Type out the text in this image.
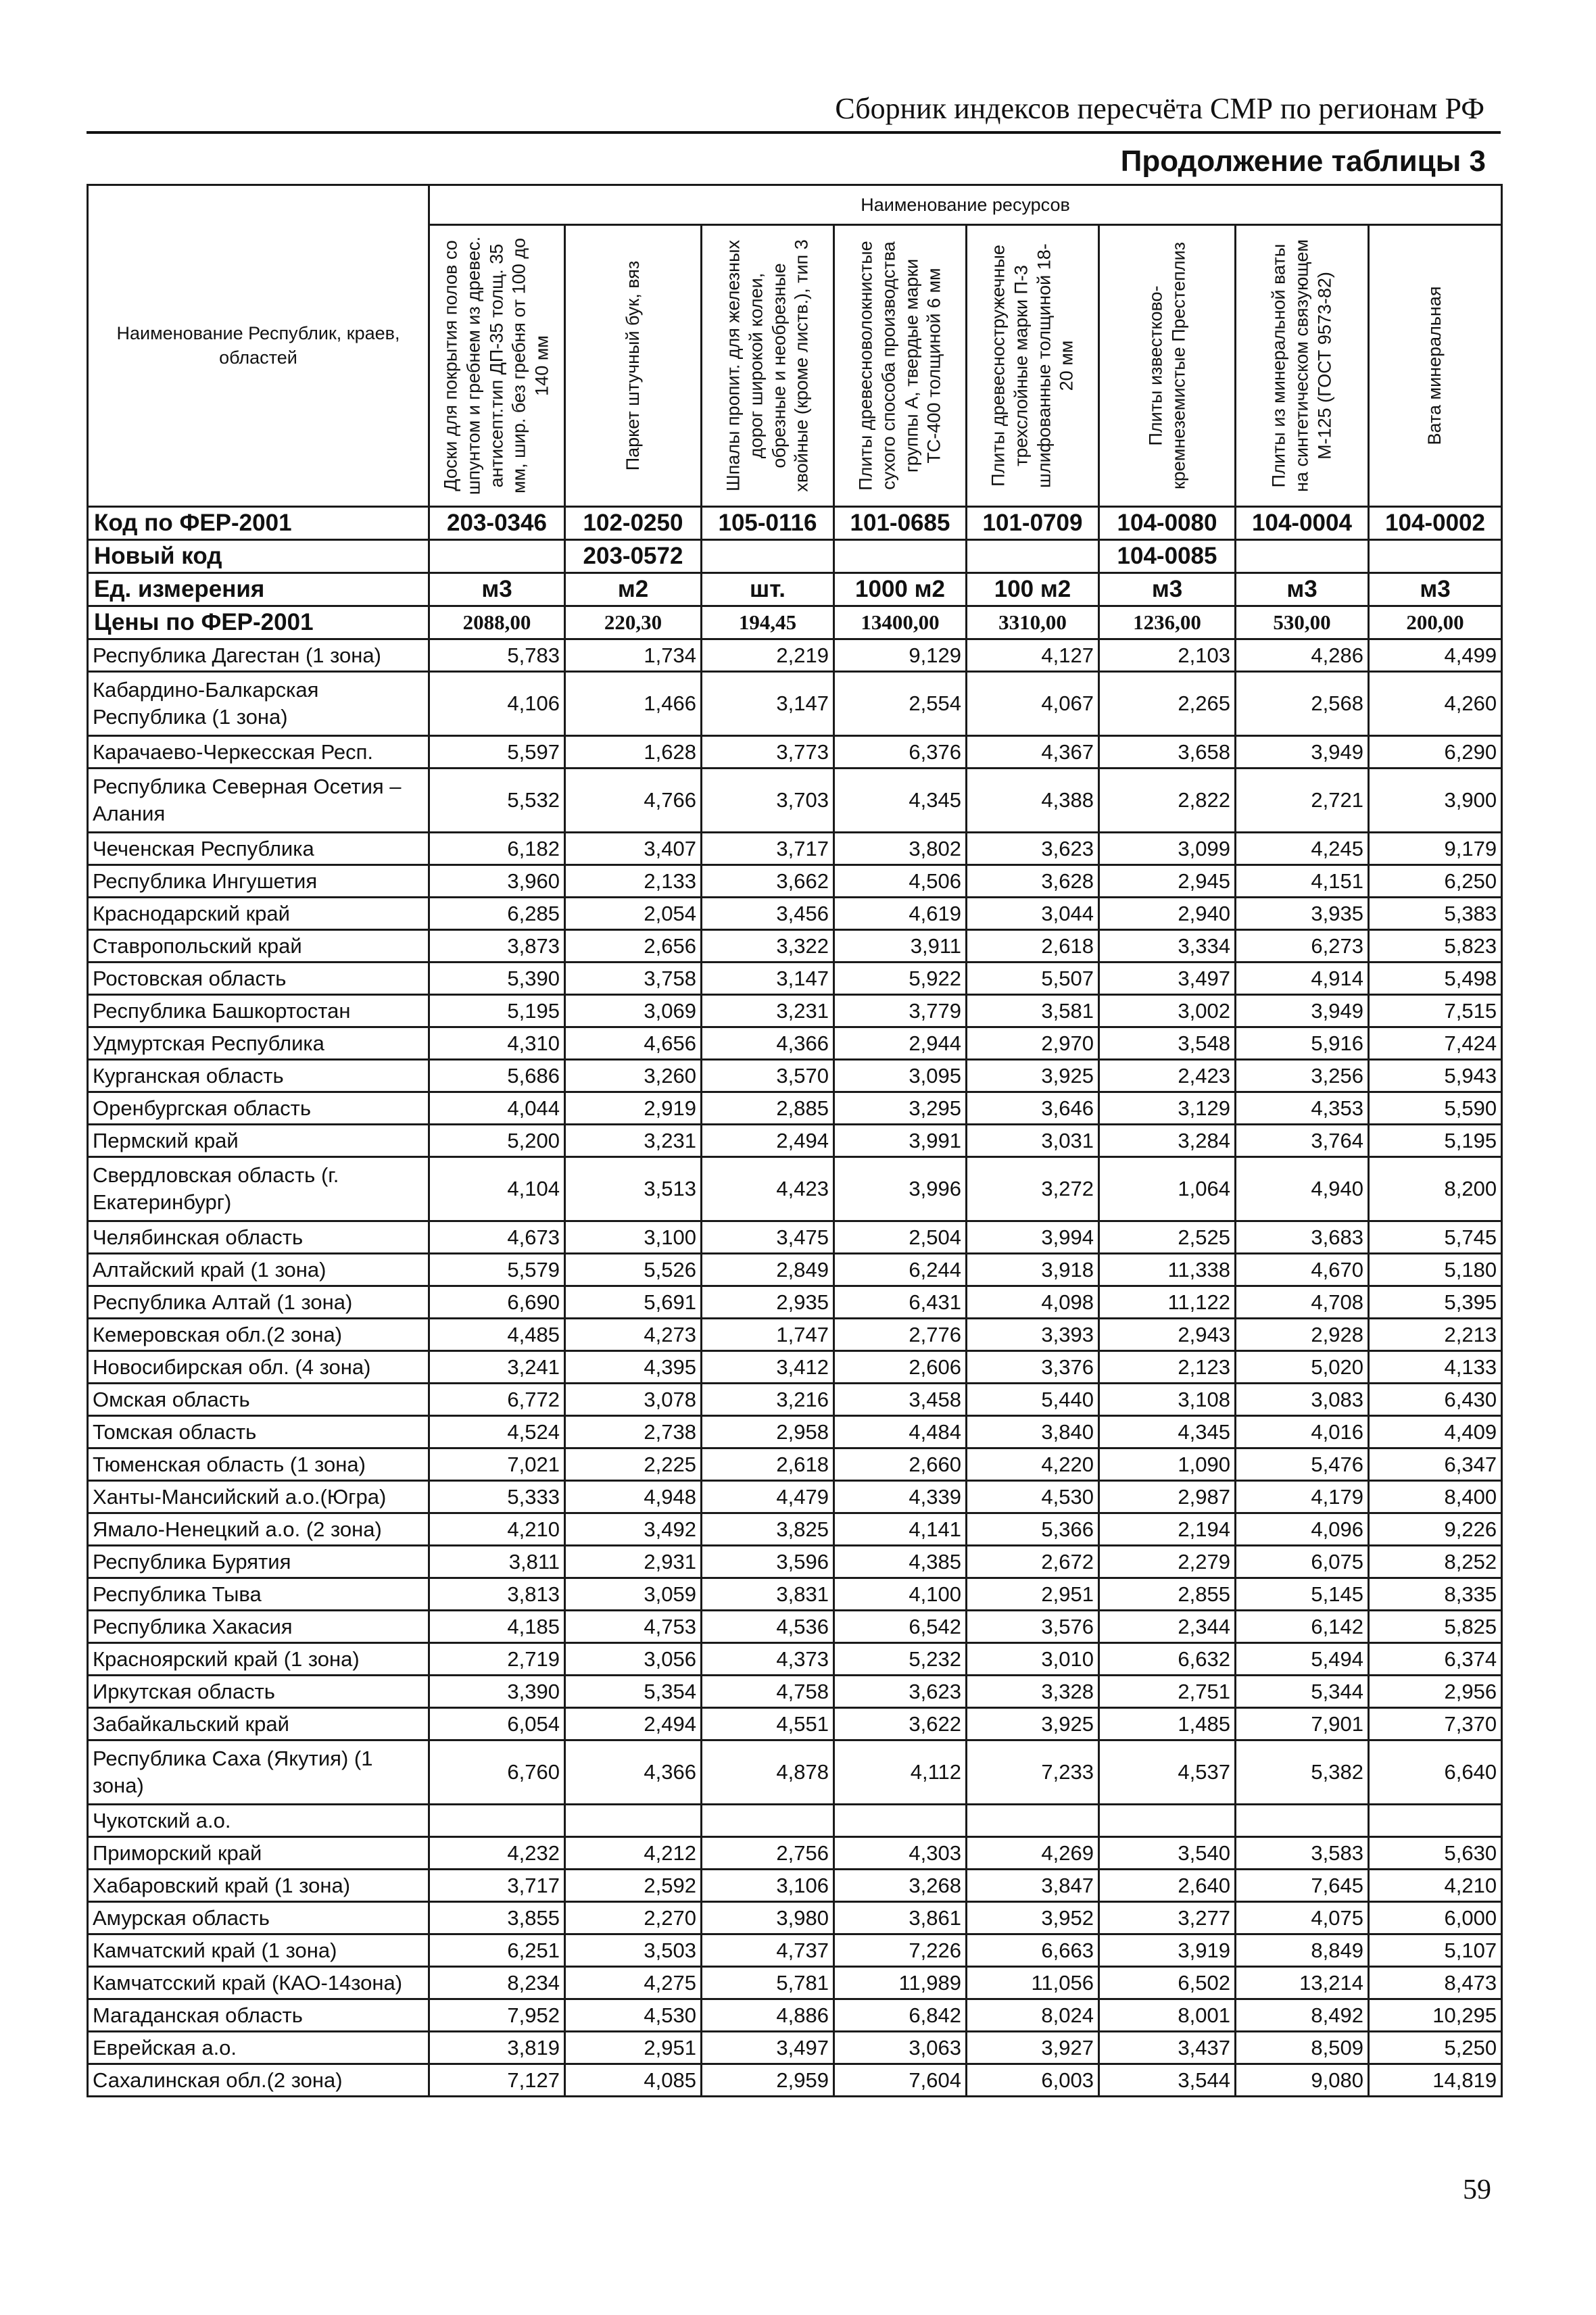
Сборник индексов пересчёта СМР по регионам РФ
Продолжение таблицы 3
Наименование Республик, краев, областей	Наименование ресурсов							

	Доски для покрытия полов со шпунтом и гребнем из древес. антисепт.тип ДП-35 толщ. 35 мм, шир. без гребня от 100 до 140 мм	Паркет штучный бук, вяз	Шпалы пропит. для железных дорог широкой колеи, обрезные и необрезные хвойные (кроме листв.), тип 3	Плиты древесноволокнистые сухого способа производства группы А, твердые марки ТС-400 толщиной 6 мм	Плиты древесностружечные трехслойные марки П-3 шлифованные толщиной 18-20 мм	Плиты известково-кремнеземистые Престеплиз	Плиты из минеральной ваты на синтетическом связующем М-125 (ГОСТ 9573-82)	Вата минеральная

Код по ФЕР-2001	203-0346	102-0250	105-0116	101-0685	101-0709	104-0080	104-0004	104-0002
Новый код		203-0572				104-0085		
Ед. измерения	м3	м2	шт.	1000 м2	100 м2	м3	м3	м3
Цены по ФЕР-2001	2088,00	220,30	194,45	13400,00	3310,00	1236,00	530,00	200,00
Республика Дагестан (1 зона)	5,783	1,734	2,219	9,129	4,127	2,103	4,286	4,499
Кабардино-Балкарская Республика (1 зона)	4,106	1,466	3,147	2,554	4,067	2,265	2,568	4,260
Карачаево-Черкесская Респ.	5,597	1,628	3,773	6,376	4,367	3,658	3,949	6,290
Республика Северная Осетия – Алания	5,532	4,766	3,703	4,345	4,388	2,822	2,721	3,900
Чеченская Республика	6,182	3,407	3,717	3,802	3,623	3,099	4,245	9,179
Республика Ингушетия	3,960	2,133	3,662	4,506	3,628	2,945	4,151	6,250
Краснодарский край	6,285	2,054	3,456	4,619	3,044	2,940	3,935	5,383
Ставропольский край	3,873	2,656	3,322	3,911	2,618	3,334	6,273	5,823
Ростовская область	5,390	3,758	3,147	5,922	5,507	3,497	4,914	5,498
Республика Башкортостан	5,195	3,069	3,231	3,779	3,581	3,002	3,949	7,515
Удмуртская Республика	4,310	4,656	4,366	2,944	2,970	3,548	5,916	7,424
Курганская область	5,686	3,260	3,570	3,095	3,925	2,423	3,256	5,943
Оренбургская область	4,044	2,919	2,885	3,295	3,646	3,129	4,353	5,590
Пермский край	5,200	3,231	2,494	3,991	3,031	3,284	3,764	5,195
Свердловская область (г. Екатеринбург)	4,104	3,513	4,423	3,996	3,272	1,064	4,940	8,200
Челябинская область	4,673	3,100	3,475	2,504	3,994	2,525	3,683	5,745
Алтайский край (1 зона)	5,579	5,526	2,849	6,244	3,918	11,338	4,670	5,180
Республика Алтай (1 зона)	6,690	5,691	2,935	6,431	4,098	11,122	4,708	5,395
Кемеровская обл.(2 зона)	4,485	4,273	1,747	2,776	3,393	2,943	2,928	2,213
Новосибирская обл. (4 зона)	3,241	4,395	3,412	2,606	3,376	2,123	5,020	4,133
Омская область	6,772	3,078	3,216	3,458	5,440	3,108	3,083	6,430
Томская область	4,524	2,738	2,958	4,484	3,840	4,345	4,016	4,409
Тюменская область (1 зона)	7,021	2,225	2,618	2,660	4,220	1,090	5,476	6,347
Ханты-Мансийский а.о.(Югра)	5,333	4,948	4,479	4,339	4,530	2,987	4,179	8,400
Ямало-Ненецкий а.о. (2 зона)	4,210	3,492	3,825	4,141	5,366	2,194	4,096	9,226
Республика Бурятия	3,811	2,931	3,596	4,385	2,672	2,279	6,075	8,252
Республика Тыва	3,813	3,059	3,831	4,100	2,951	2,855	5,145	8,335
Республика Хакасия	4,185	4,753	4,536	6,542	3,576	2,344	6,142	5,825
Красноярский край (1 зона)	2,719	3,056	4,373	5,232	3,010	6,632	5,494	6,374
Иркутская область	3,390	5,354	4,758	3,623	3,328	2,751	5,344	2,956
Забайкальский край	6,054	2,494	4,551	3,622	3,925	1,485	7,901	7,370
Республика Саха (Якутия) (1 зона)	6,760	4,366	4,878	4,112	7,233	4,537	5,382	6,640
Чукотский а.о.								
Приморский край	4,232	4,212	2,756	4,303	4,269	3,540	3,583	5,630
Хабаровский край (1 зона)	3,717	2,592	3,106	3,268	3,847	2,640	7,645	4,210
Амурская область	3,855	2,270	3,980	3,861	3,952	3,277	4,075	6,000
Камчатский край (1 зона)	6,251	3,503	4,737	7,226	6,663	3,919	8,849	5,107
Камчатсский край (КАО-14зона)	8,234	4,275	5,781	11,989	11,056	6,502	13,214	8,473
Магаданская область	7,952	4,530	4,886	6,842	8,024	8,001	8,492	10,295
Еврейская а.о.	3,819	2,951	3,497	3,063	3,927	3,437	8,509	5,250
Сахалинская обл.(2 зона)	7,127	4,085	2,959	7,604	6,003	3,544	9,080	14,819
59
